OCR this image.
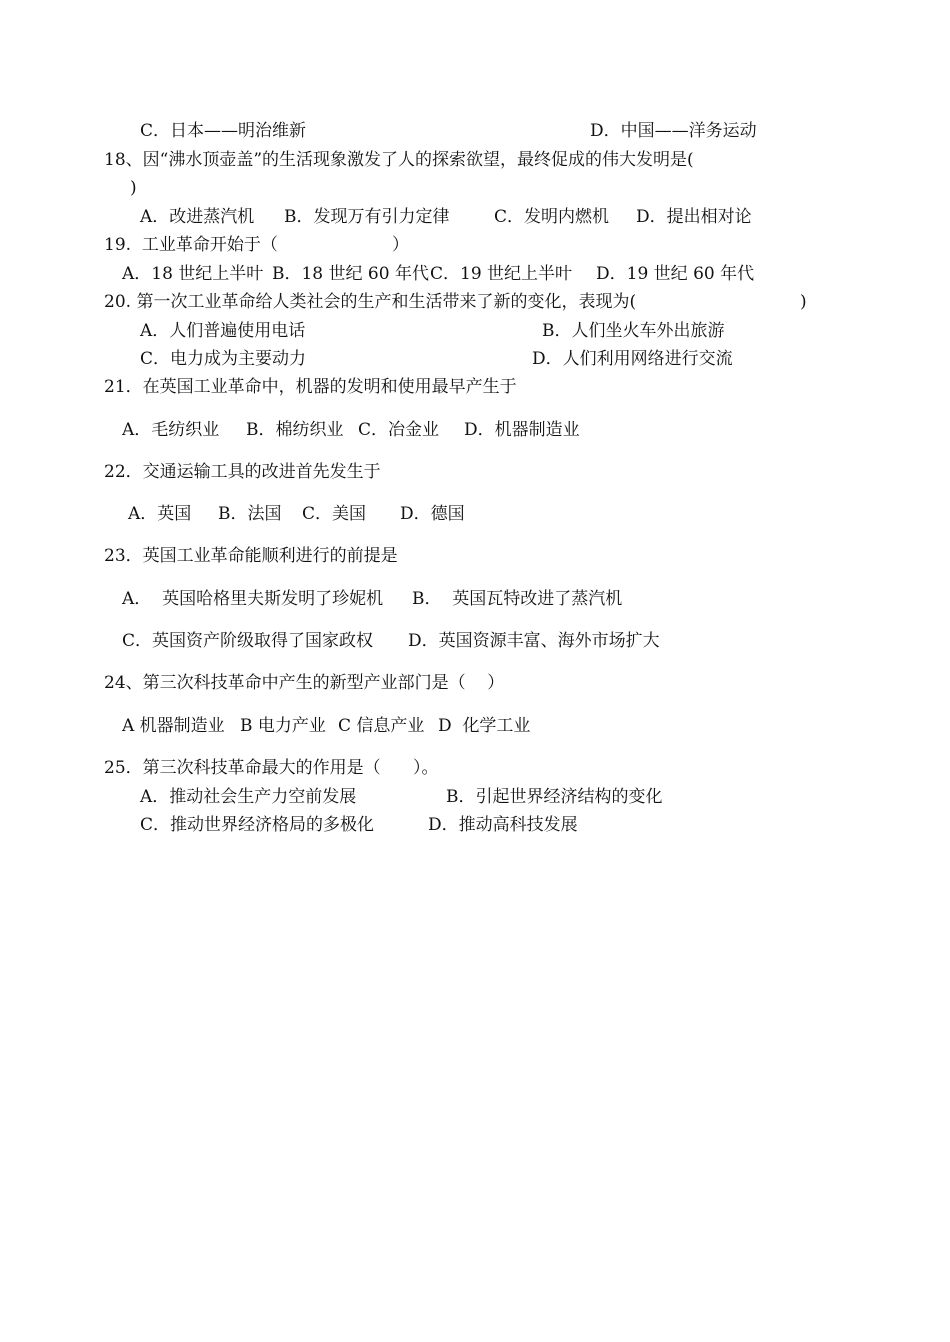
C．日本——明治维新	D．中国——洋务运动
18、因“沸水顶壶盖”的生活现象激发了人的探索欲望，最终促成的伟大发明是(
)
A．改进蒸汽机 B．发现万有引力定律	C．发明内燃机 D．提出相对论
19.  工业革命开始于（	）
A．18 世纪上半叶 B．18 世纪 60 年代 C．19 世纪上半叶 D．19 世纪 60 年代
20. 第一次工业革命给人类社会的生产和生活带来了新的变化，表现为(	)
A．人们普遍使用电话	B．人们坐火车外出旅游
C．电力成为主要动力	D．人们利用网络进行交流
21．在英国工业革命中，机器的发明和使用最早产生于
A．毛纺织业 B．棉纺织业 C．冶金业 D．机器制造业
22．交通运输工具的改进首先发生于
A．英国 B．法国 C．美国 D．德国
23．英国工业革命能顺利进行的前提是
A．  英国哈格里夫斯发明了珍妮机 B．  英国瓦特改进了蒸汽机
C．英国资产阶级取得了国家政权 D．英国资源丰富、海外市场扩大
24、第三次科技革命中产生的新型产业部门是（    ）
A 机器制造业 B 电力产业 C 信息产业 D  化学工业
25．第三次科技革命最大的作用是（      ）。
A．推动社会生产力空前发展	B．引起世界经济结构的变化
C．推动世界经济格局的多极化	D．推动高科技发展
